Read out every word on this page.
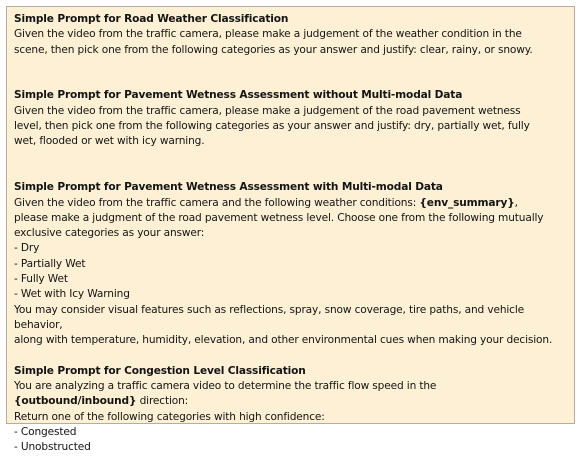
Simple Prompt for Road Weather Classification
Given the video from the traffic camera, please make a judgement of the weather condition in the
scene, then pick one from the following categories as your answer and justify: clear, rainy, or snowy.
Simple Prompt for Pavement Wetness Assessment without Multi-modal Data
Given the video from the traffic camera, please make a judgement of the road pavement wetness
level, then pick one from the following categories as your answer and justify: dry, partially wet, fully
wet, flooded or wet with icy warning.
Simple Prompt for Pavement Wetness Assessment with Multi-modal Data
Given the video from the traffic camera and the following weather conditions: {env_summary},
please make a judgment of the road pavement wetness level. Choose one from the following mutually
exclusive categories as your answer:
- Dry
- Partially Wet
- Fully Wet
- Wet with Icy Warning
You may consider visual features such as reflections, spray, snow coverage, tire paths, and vehicle
behavior,
along with temperature, humidity, elevation, and other environmental cues when making your decision.
Simple Prompt for Congestion Level Classification
You are analyzing a traffic camera video to determine the traffic flow speed in the
{outbound/inbound} direction:
Return one of the following categories with high confidence:
- Congested
- Unobstructed
